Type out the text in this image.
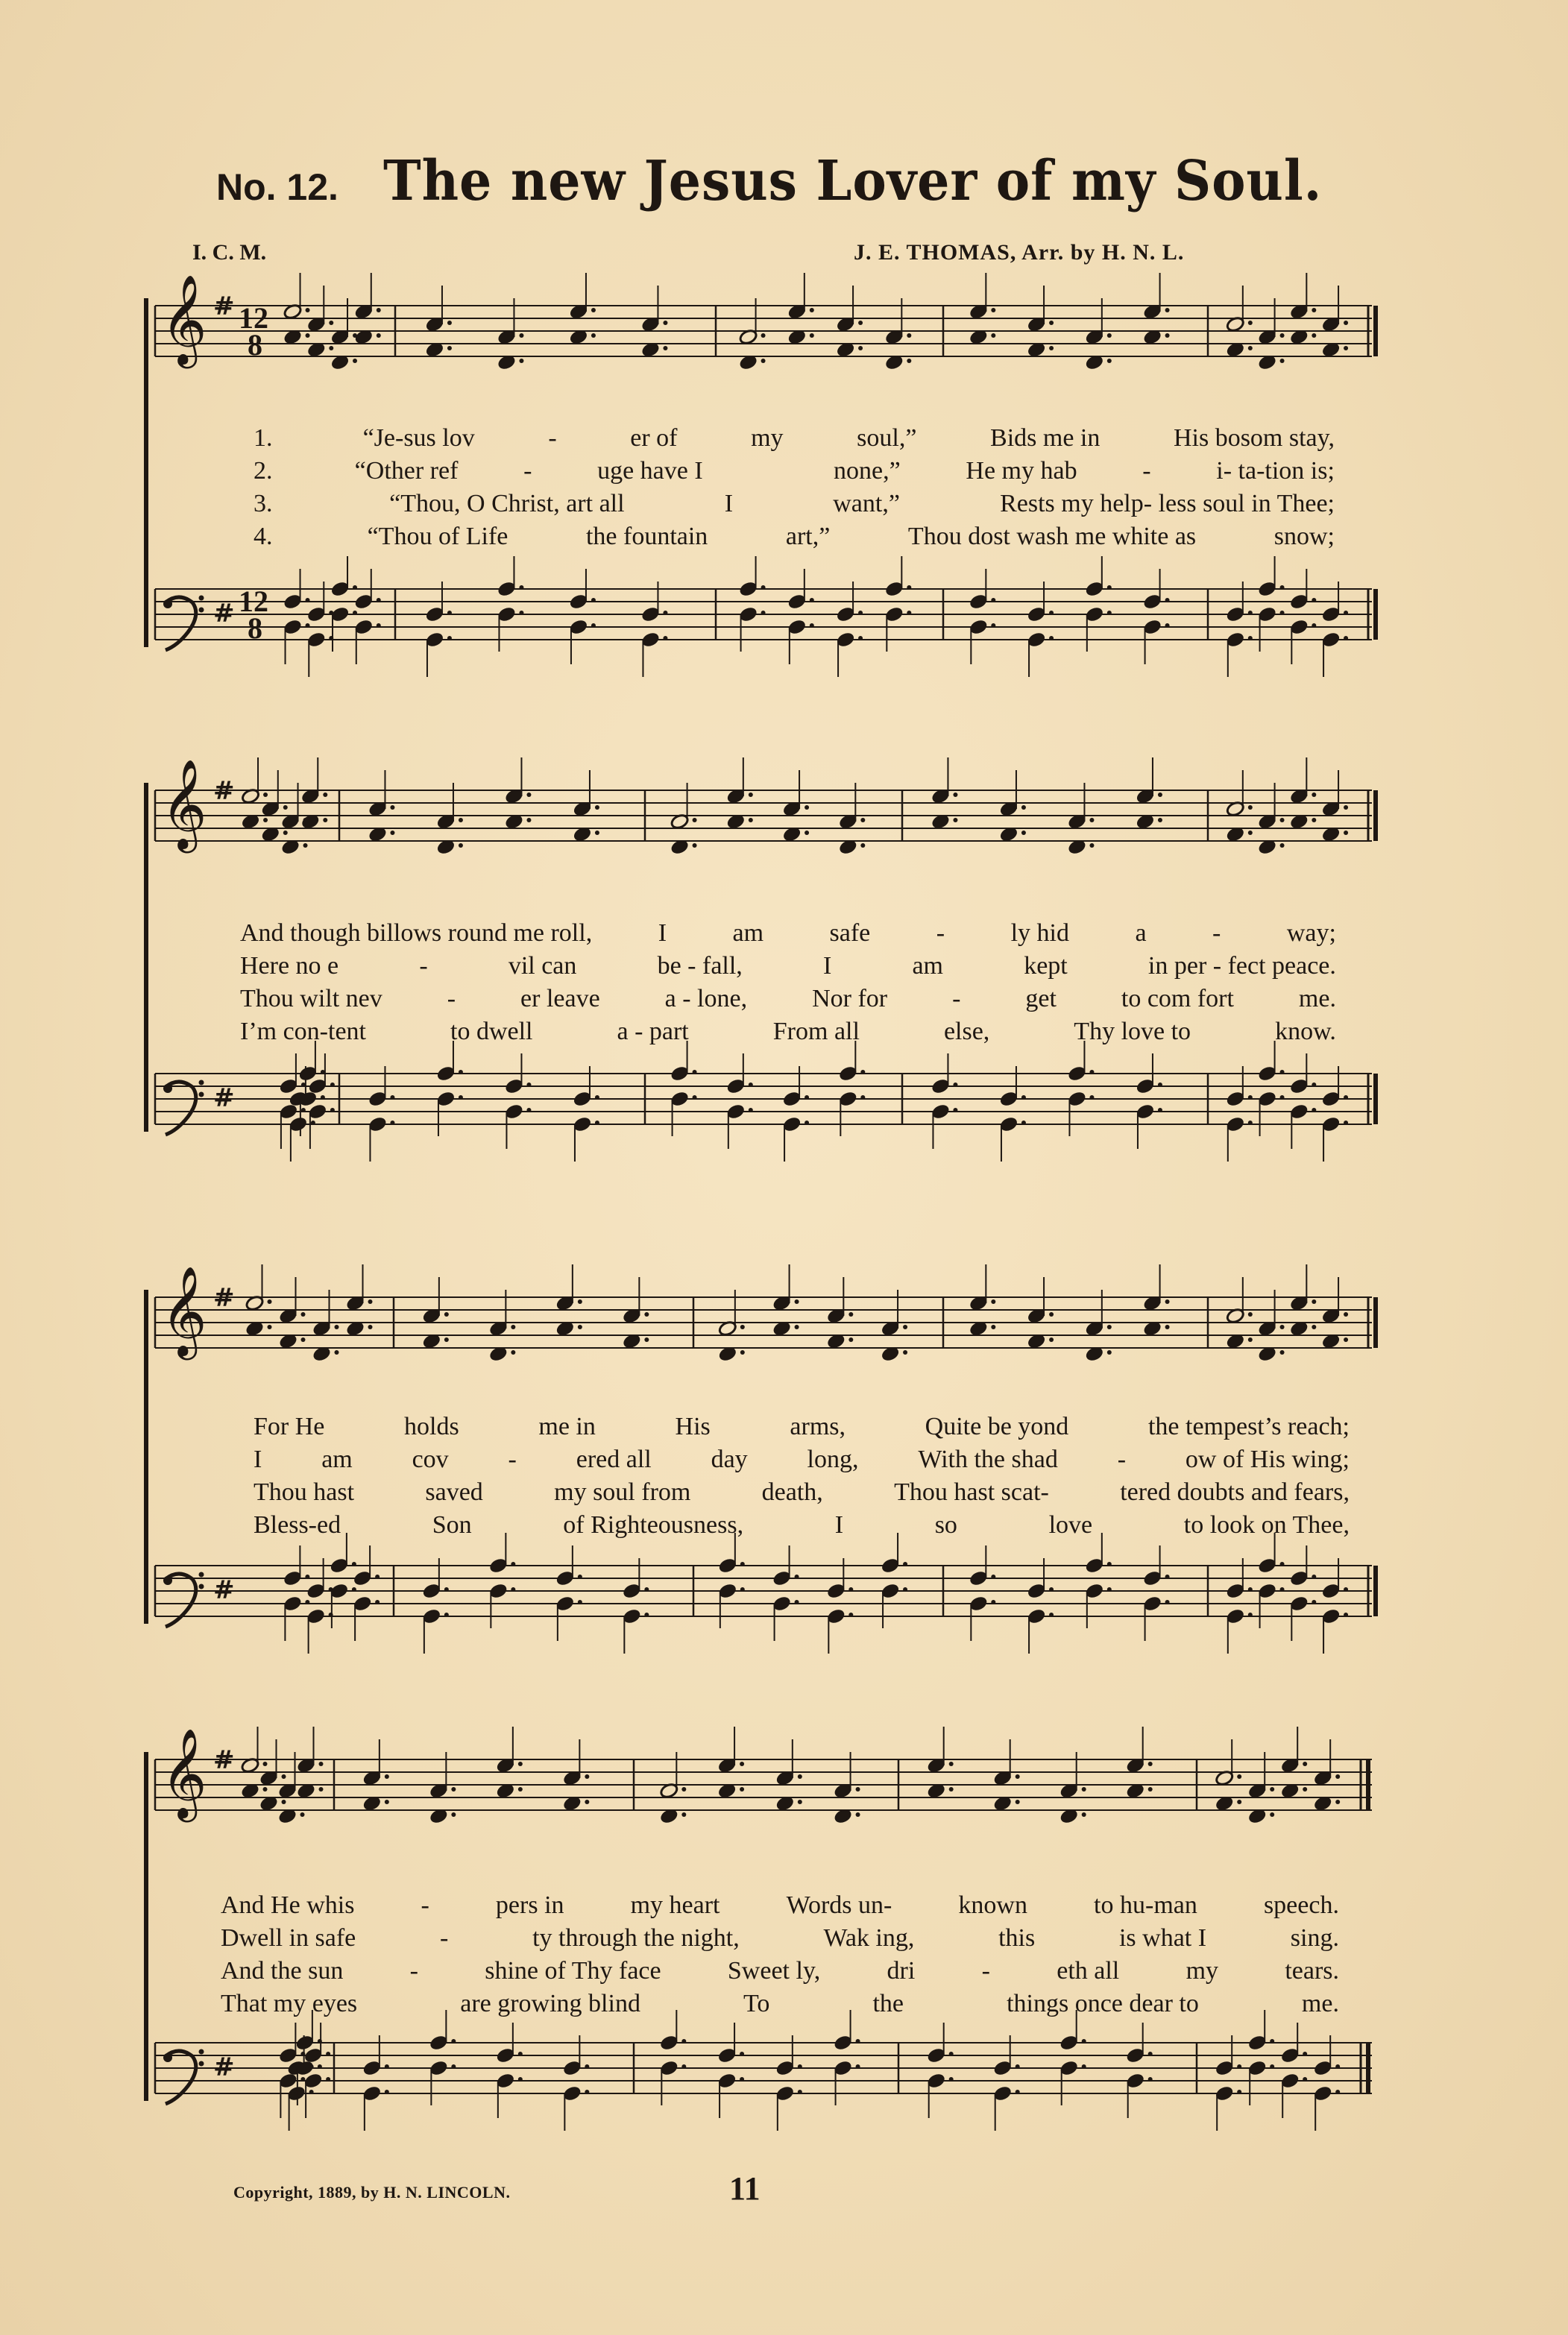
No. 12. The new Jesus Lover of my Soul.
I. C. M.	J. E. THOMAS, Arr. by H. N. L.
𝄞 #
#
12
8
12
8
𝄞 #
#
𝄞 #
#
𝄞 #
#
1.	“Je-sus lov	-	er of	my	soul,”	Bids me in	His bosom stay,
2.	“Other ref	-	uge have I	none,”	He my hab	-	i- ta-tion is;
3.	“Thou, O Christ, art all	I	want,”	Rests my help- less soul in Thee;
4.	“Thou of Life	the fountain	art,”	Thou dost wash me white as	snow;
And though billows round me roll,	I	am	safe	-	ly hid	a	-	way;
Here no e	-	vil can	be - fall,	I	am	kept	in per - fect peace.
Thou wilt nev	-	er leave	a - lone,	Nor for	-	get	to com fort	me.
I’m con-tent	to dwell	a - part	From all	else,	Thy love to	know.
For He	holds	me in	His	arms,	Quite be yond	the tempest’s reach;
I am cov - ered all day long, With the shad - ow of His wing;
Thou hast	saved	my soul from	death,	Thou hast scat-	tered doubts and fears,
Bless-ed	Son	of Righteousness,	I	so	love	to look on Thee,
And He whis	-	pers in	my heart	Words un-	known	to hu-man	speech.
Dwell in safe	-	ty through the night,	Wak ing,	this	is what I	sing.
And the sun	-	shine of Thy face	Sweet ly,	dri	-	eth all	my	tears.
That my eyes	are growing blind	To	the	things once dear to	me.
Copyright, 1889, by H. N. LINCOLN.	11
